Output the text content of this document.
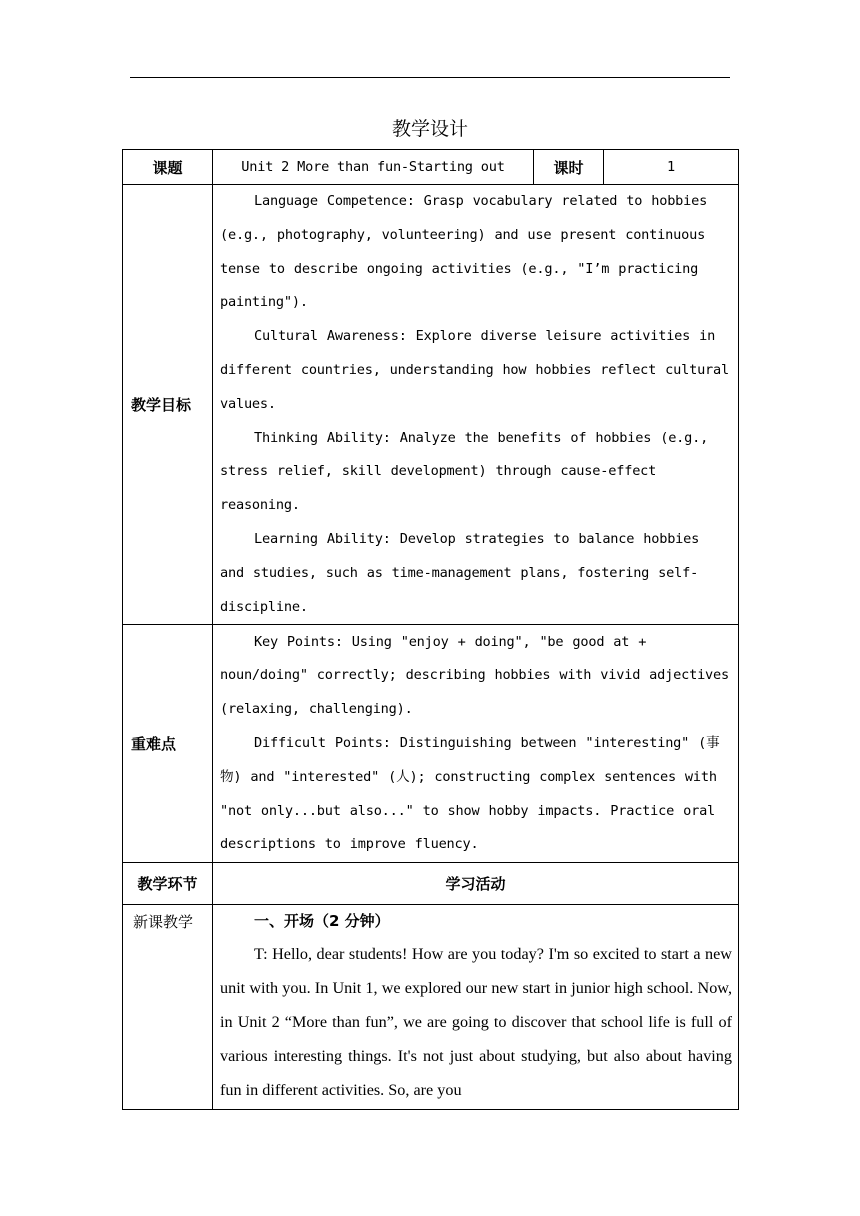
教学设计
课题	Unit 2 More than fun-Starting out	课时	1
教学目标	Language Competence: Grasp vocabulary related to hobbies (e.g., photography, volunteering) and use present continuous tense to describe ongoing activities (e.g., "I’m practicing painting").

Cultural Awareness: Explore diverse leisure activities in different countries, understanding how hobbies reflect cultural values.

Thinking Ability: Analyze the benefits of hobbies (e.g., stress relief, skill development) through cause-effect reasoning.

Learning Ability: Develop strategies to balance hobbies and studies, such as time-management plans, fostering self-discipline.		

重难点	Key Points: Using "enjoy + doing", "be good at + noun/doing" correctly; describing hobbies with vivid adjectives (relaxing, challenging).

Difficult Points: Distinguishing between "interesting" (事物) and "interested" (人); constructing complex sentences with "not only...but also..." to show hobby impacts. Practice oral descriptions to improve fluency.		

教学环节	学习活动		
新课教学	一、开场（2 分钟）

T: Hello, dear students! How are you today? I'm so excited to start a new unit with you. In Unit 1, we explored our new start in junior high school. Now, in Unit 2 “More than fun”, we are going to discover that school life is full of various interesting things. It's not just about studying, but also about having fun in different activities. So, are you		
